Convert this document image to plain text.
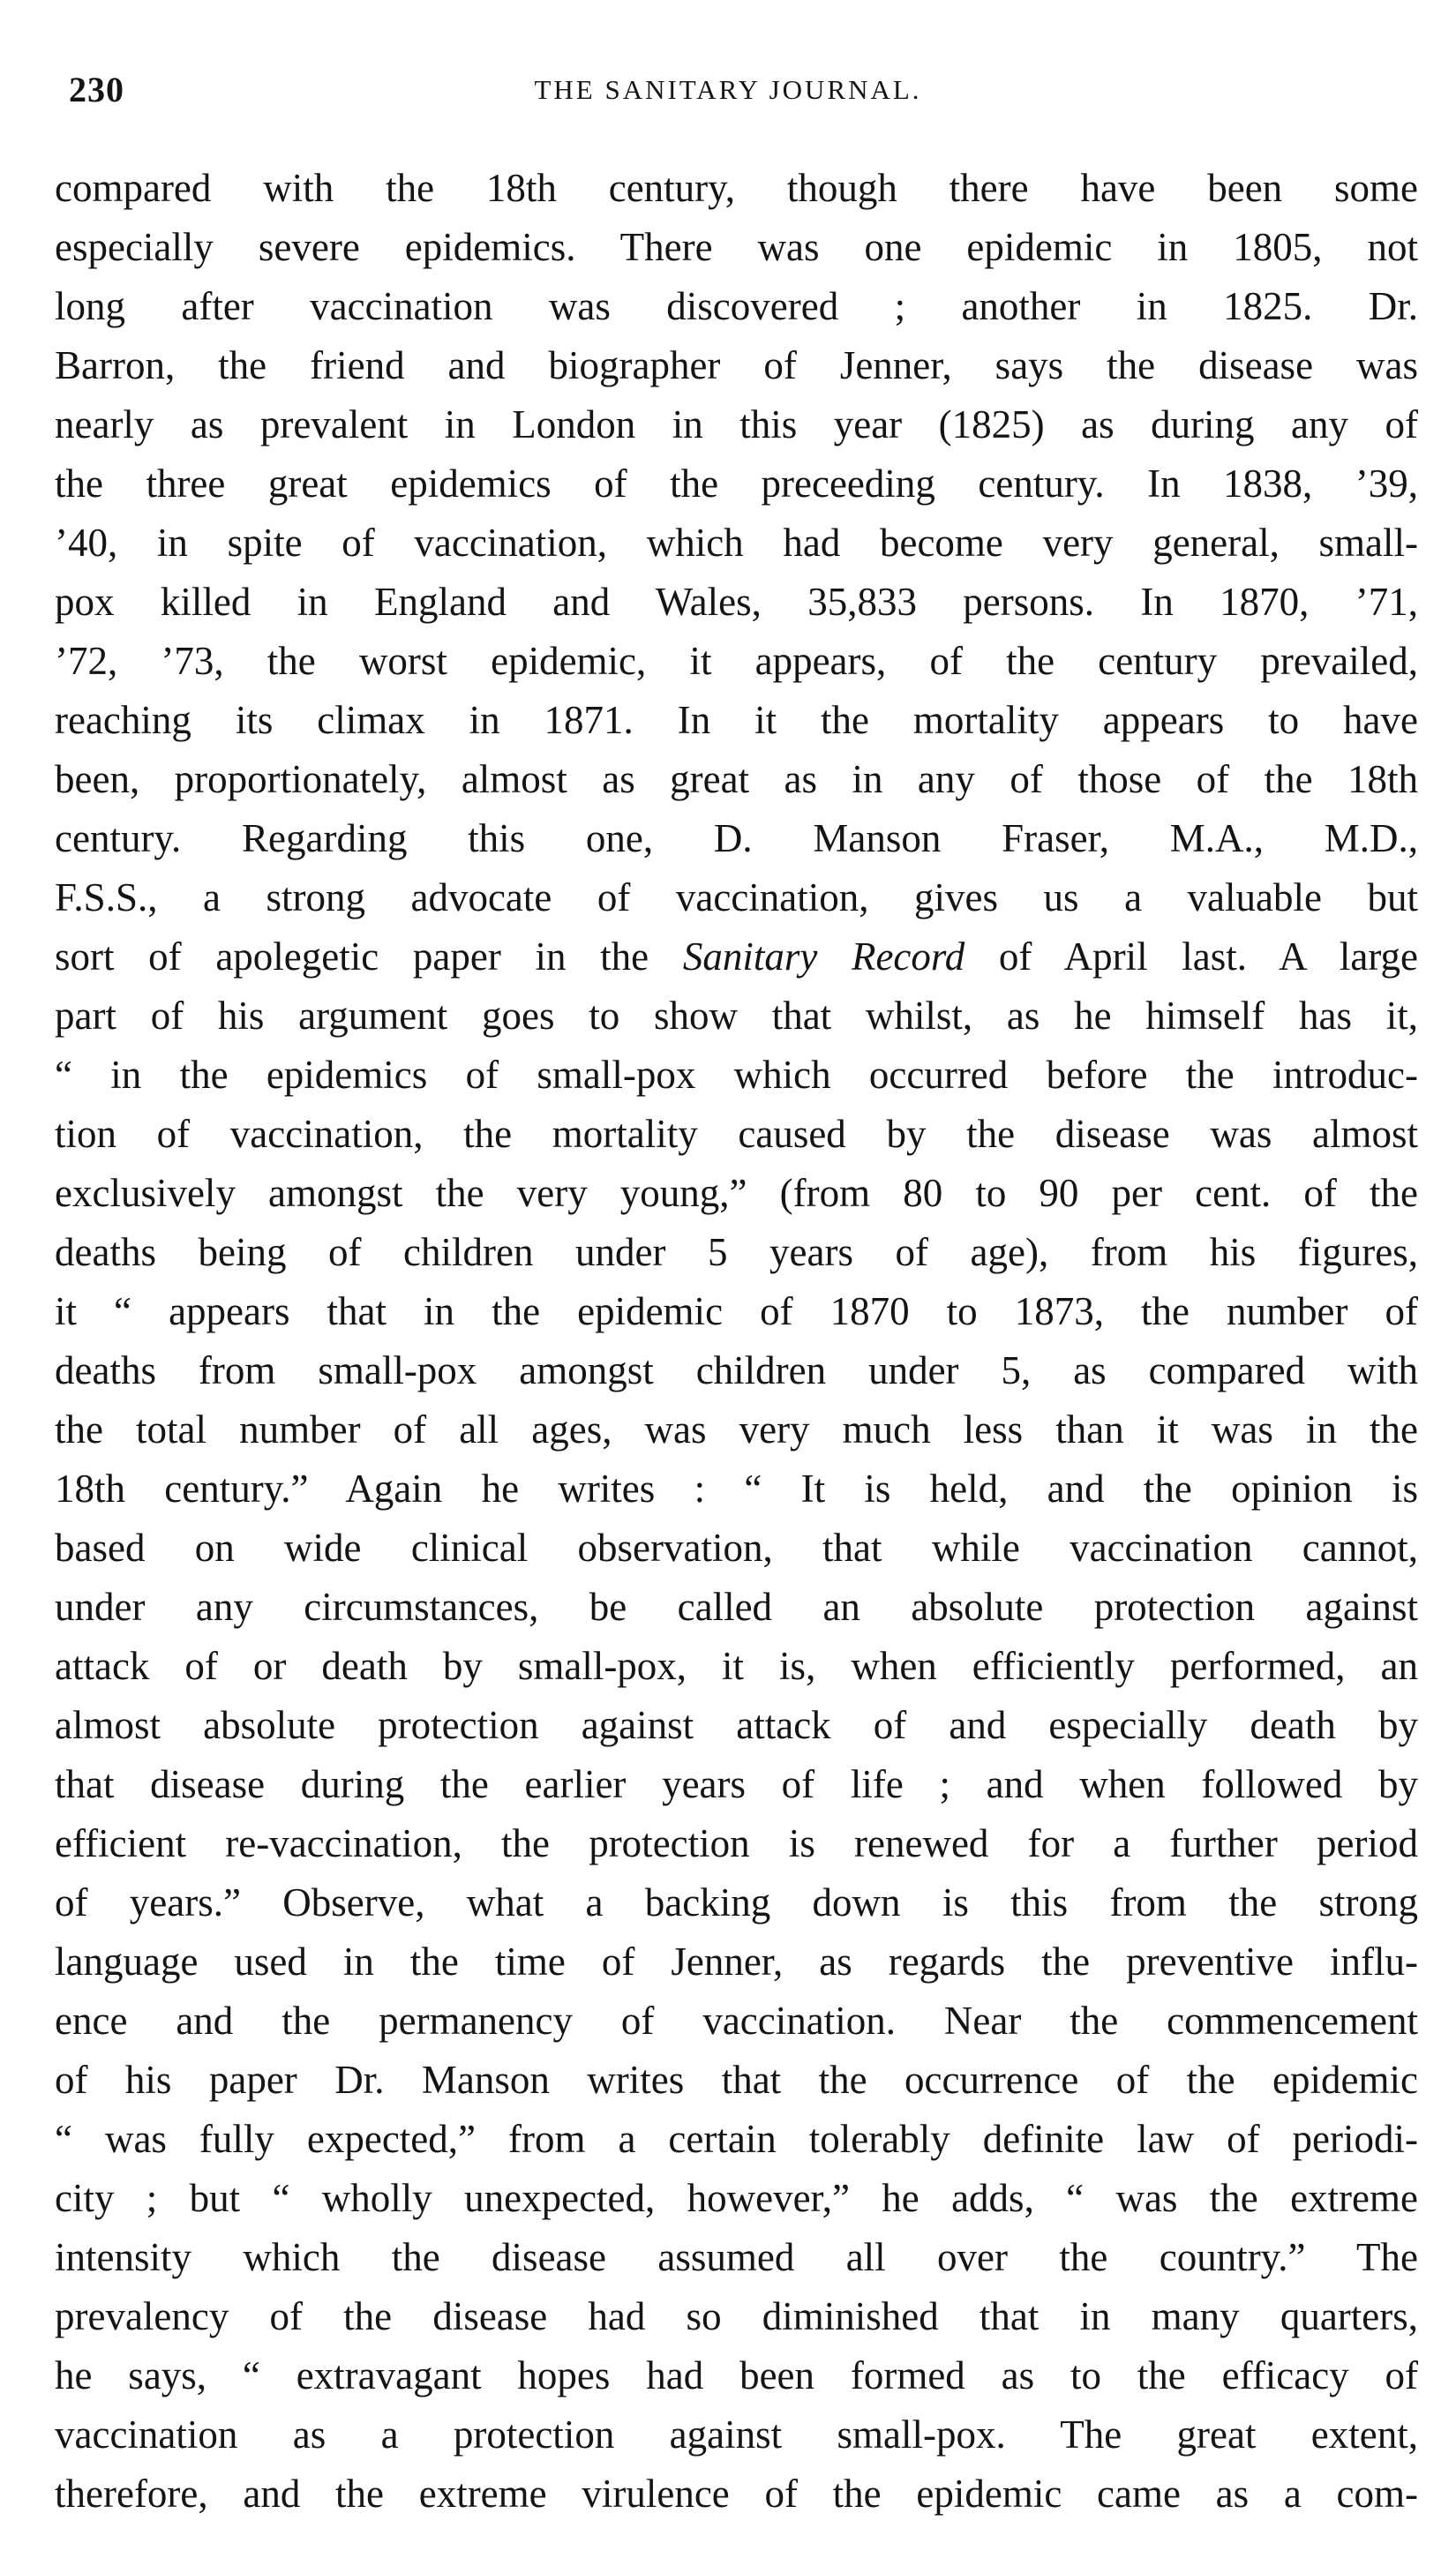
230	THE SANITARY JOURNAL.
compared with the 18th century, though there have been some
especially severe epidemics. There was one epidemic in 1805, not
long after vaccination was discovered ; another in 1825. Dr.
Barron, the friend and biographer of Jenner, says the disease was
nearly as prevalent in London in this year (1825) as during any of
the three great epidemics of the preceeding century. In 1838, ’39,
’40, in spite of vaccination, which had become very general, small-
pox killed in England and Wales, 35,833 persons. In 1870, ’71,
’72, ’73, the worst epidemic, it appears, of the century prevailed,
reaching its climax in 1871. In it the mortality appears to have
been, proportionately, almost as great as in any of those of the 18th
century. Regarding this one, D. Manson Fraser, M.A., M.D.,
F.S.S., a strong advocate of vaccination, gives us a valuable but
sort of apolegetic paper in the Sanitary Record of April last. A large
part of his argument goes to show that whilst, as he himself has it,
“ in the epidemics of small-pox which occurred before the introduc-
tion of vaccination, the mortality caused by the disease was almost
exclusively amongst the very young,” (from 80 to 90 per cent. of the
deaths being of children under 5 years of age), from his figures,
it “ appears that in the epidemic of 1870 to 1873, the number of
deaths from small-pox amongst children under 5, as compared with
the total number of all ages, was very much less than it was in the
18th century.” Again he writes : “ It is held, and the opinion is
based on wide clinical observation, that while vaccination cannot,
under any circumstances, be called an absolute protection against
attack of or death by small-pox, it is, when efficiently performed, an
almost absolute protection against attack of and especially death by
that disease during the earlier years of life ; and when followed by
efficient re-vaccination, the protection is renewed for a further period
of years.” Observe, what a backing down is this from the strong
language used in the time of Jenner, as regards the preventive influ-
ence and the permanency of vaccination. Near the commencement
of his paper Dr. Manson writes that the occurrence of the epidemic
“ was fully expected,” from a certain tolerably definite law of periodi-
city ; but “ wholly unexpected, however,” he adds, “ was the extreme
intensity which the disease assumed all over the country.” The
prevalency of the disease had so diminished that in many quarters,
he says, “ extravagant hopes had been formed as to the efficacy of
vaccination as a protection against small-pox. The great extent,
therefore, and the extreme virulence of the epidemic came as a com-
